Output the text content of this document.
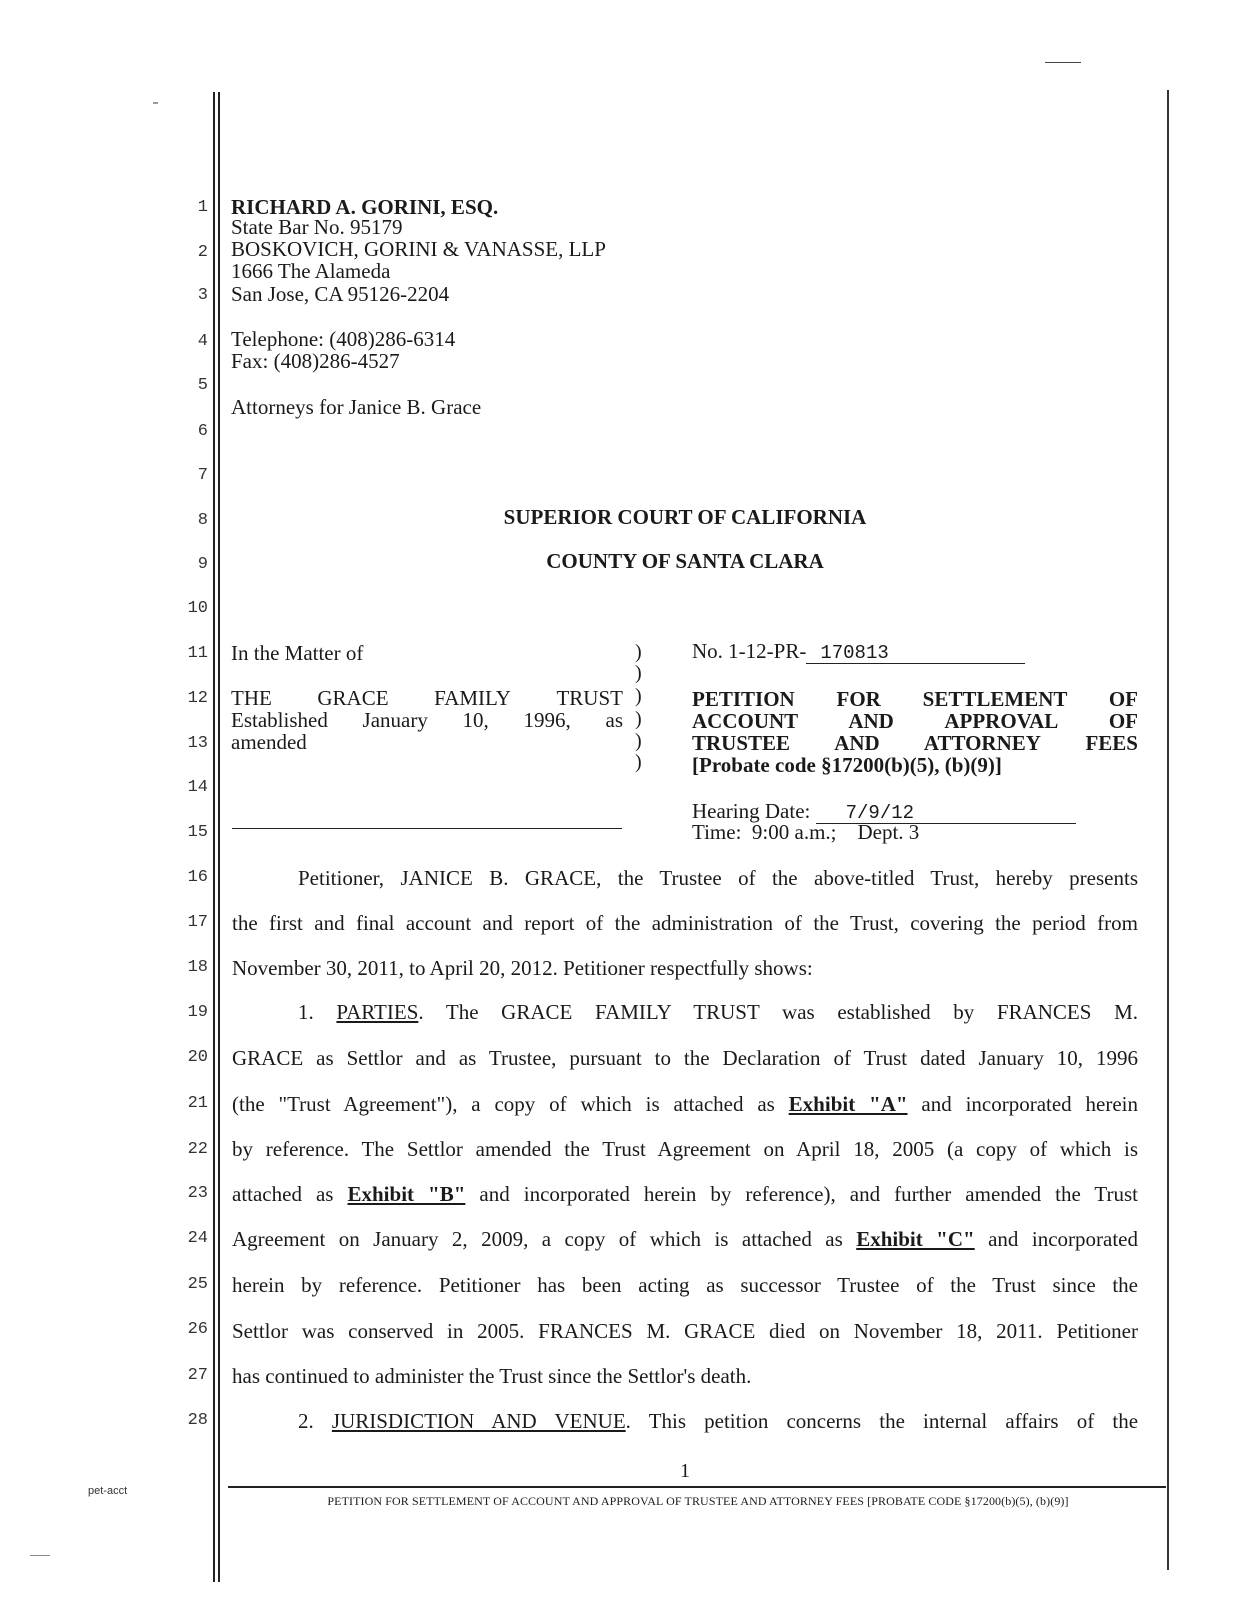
1
2
3
4
5
6
7
8
9
10
11
12
13
14
15
16
17
18
19
20
21
22
23
24
25
26
27
28
RICHARD A. GORINI, ESQ.
State Bar No. 95179
BOSKOVICH, GORINI & VANASSE, LLP
1666 The Alameda
San Jose, CA 95126-2204
Telephone: (408)286-6314
Fax: (408)286-4527
Attorneys for Janice B. Grace
SUPERIOR COURT OF CALIFORNIA
COUNTY OF SANTA CLARA
In the Matter of
THE GRACE FAMILY TRUST
Established January 10, 1996, as
amended
)
)
)
)
)
)
No. 1-12-PR- 170813
PETITION FOR SETTLEMENT OF
ACCOUNT AND APPROVAL OF
TRUSTEE AND ATTORNEY FEES
[Probate code §17200(b)(5), (b)(9)]
Hearing Date: 7/9/12
Time:  9:00 a.m.;    Dept. 3
Petitioner, JANICE B. GRACE, the Trustee of the above-titled Trust, hereby presents
the first and final account and report of the administration of the Trust, covering the period from
November 30, 2011, to April 20, 2012. Petitioner respectfully shows:
1. PARTIES. The GRACE FAMILY TRUST was established by FRANCES M.
GRACE as Settlor and as Trustee, pursuant to the Declaration of Trust dated January 10, 1996
(the "Trust Agreement"), a copy of which is attached as Exhibit "A" and incorporated herein
by reference. The Settlor amended the Trust Agreement on April 18, 2005 (a copy of which is
attached as Exhibit "B" and incorporated herein by reference), and further amended the Trust
Agreement on January 2, 2009, a copy of which is attached as Exhibit "C" and incorporated
herein by reference. Petitioner has been acting as successor Trustee of the Trust since the
Settlor was conserved in 2005. FRANCES M. GRACE died on November 18, 2011. Petitioner
has continued to administer the Trust since the Settlor's death.
2. JURISDICTION AND VENUE. This petition concerns the internal affairs of the
1
PETITION FOR SETTLEMENT OF ACCOUNT AND APPROVAL OF TRUSTEE AND ATTORNEY FEES [PROBATE CODE §17200(b)(5), (b)(9)]
pet-acct
